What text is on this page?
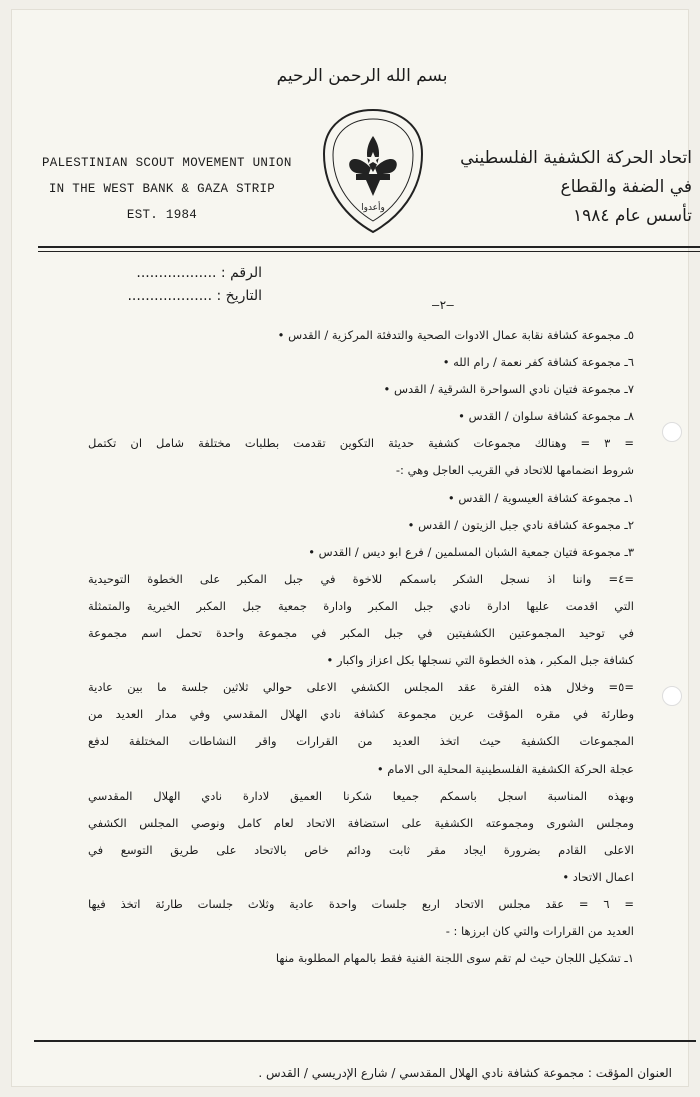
بسم الله الرحمن الرحيم
وأعدوا
PALESTINIAN SCOUT MOVEMENT UNION
IN THE WEST BANK & GAZA STRIP
EST. 1984
اتحاد الحركة الكشفية الفلسطيني
في الضفة والقطاع
تأسس عام ١٩٨٤
الرقم : ..................
التاريخ : ...................
—٢—
٥ـ مجموعة كشافة نقابة عمال الادوات الصحية والتدفئة المركزية / القدس •
٦ـ مجموعة كشافة كفر نعمة / رام الله •
٧ـ مجموعة فتيان نادي السواحرة الشرقية / القدس •
٨ـ مجموعة كشافة سلوان / القدس •
= ٣ = وهنالك مجموعات كشفية حديثة التكوين تقدمت بطلبات مختلفة شامل ان تكتمل
شروط انضمامها للاتحاد في القريب العاجل وهي :-
١ـ مجموعة كشافة العيسوية / القدس •
٢ـ مجموعة كشافة نادي جبل الزيتون / القدس •
٣ـ مجموعة فتيان جمعية الشبان المسلمين / فرع ابو ديس / القدس •
=٤= واننا اذ نسجل الشكر باسمكم للاخوة في جبل المكبر على الخطوة التوحيدية
التي اقدمت عليها ادارة نادي جبل المكبر وادارة جمعية جبل المكبر الخيرية والمتمثلة
في توحيد المجموعتين الكشفيتين في جبل المكبر في مجموعة واحدة تحمل اسم مجموعة
كشافة جبل المكبر ، هذه الخطوة التي نسجلها بكل اعزاز واكبار •
=٥= وخلال هذه الفترة عقد المجلس الكشفي الاعلى حوالي ثلاثين جلسة ما بين عادية
وطارئة في مقره المؤقت عرين مجموعة كشافة نادي الهلال المقدسي وفي مدار العديد من
المجموعات الكشفية حيث اتخذ العديد من القرارات واقر النشاطات المختلفة لدفع
عجلة الحركة الكشفية الفلسطينية المحلية الى الامام •
وبهذه المناسبة اسجل باسمكم جميعا شكرنا العميق لادارة نادي الهلال المقدسي
ومجلس الشورى ومجموعته الكشفية على استضافة الاتحاد لعام كامل ونوصي المجلس الكشفي
الاعلى القادم بضرورة ايجاد مقر ثابت ودائم خاص بالاتحاد على طريق التوسع في
اعمال الاتحاد •
= ٦ = عقد مجلس الاتحاد اربع جلسات واحدة عادية وثلاث جلسات طارئة اتخذ فيها
العديد من القرارات والتي كان ابرزها : -
١ـ تشكيل اللجان حيث لم تقم سوى اللجنة الفنية فقط بالمهام المطلوبة منها
العنوان المؤقت : مجموعة كشافة نادي الهلال المقدسي / شارع الإدريسي / القدس .
